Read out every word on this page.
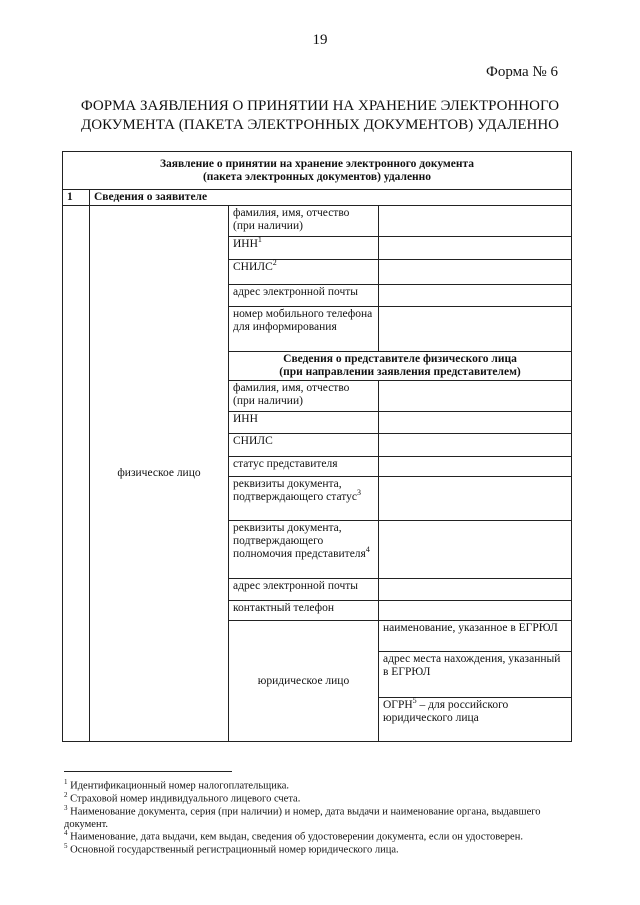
19
Форма № 6
ФОРМА ЗАЯВЛЕНИЯ О ПРИНЯТИИ НА ХРАНЕНИЕ ЭЛЕКТРОННОГО
ДОКУМЕНТА (ПАКЕТА ЭЛЕКТРОННЫХ ДОКУМЕНТОВ) УДАЛЕННО
Заявление о принятии на хранение электронного документа
(пакета электронных документов) удаленно				

1	Сведения о заявителе			
	физическое лицо	фамилия, имя, отчество (при наличии)		
		ИНН$^1$	
		СНИЛС$^2$	
		адрес электронной почты		
		номер мобильного телефона для информирования		

		Сведения о представителе физического лица
(при направлении заявления представителем)		

		фамилия, имя, отчество (при наличии)		
		ИНН		
		СНИЛС		
		статус представителя		
		реквизиты документа, подтверждающего статус$^3$	
		реквизиты документа, подтверждающего полномочия представителя$^4$	
		адрес электронной почты		
		контактный телефон		
		юридическое лицо	наименование, указанное в ЕГРЮЛ	
			адрес места нахождения, указанный в ЕГРЮЛ	
			ОГРН$^5$ – для российского юридического лица	
$^1$ Идентификационный номер налогоплательщика.
$^2$ Страховой номер индивидуального лицевого счета.
$^3$ Наименование документа, серия (при наличии) и номер, дата выдачи и наименование органа, выдавшего документ.
$^4$ Наименование, дата выдачи, кем выдан, сведения об удостоверении документа, если он удостоверен.
$^5$ Основной государственный регистрационный номер юридического лица.
